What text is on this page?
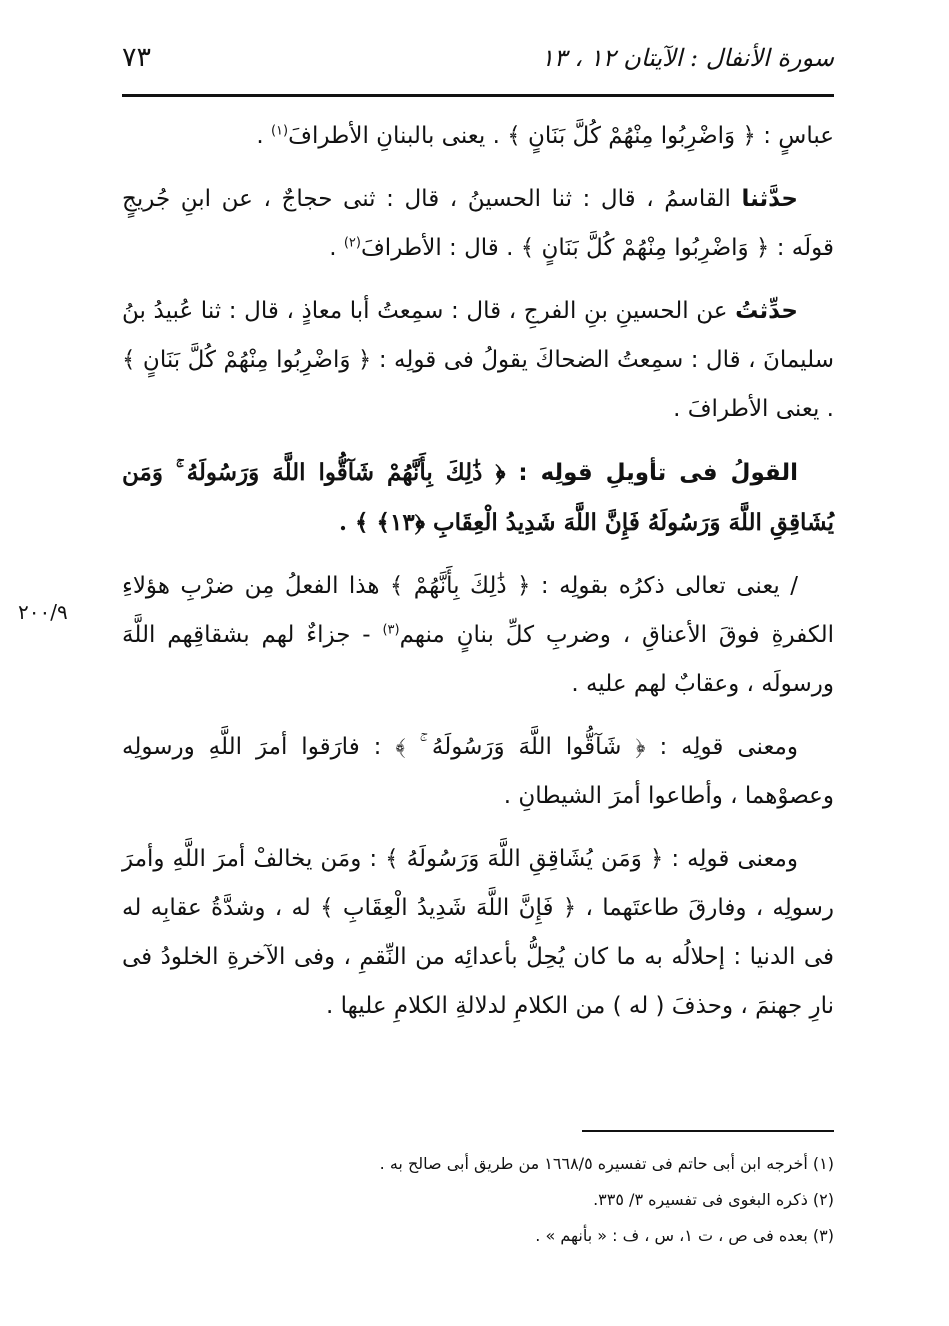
٧٣	سورة الأنفال : الآيتان ١٢ ، ١٣
٢٠٠/٩

عباسٍ : ﴿ وَاضْرِبُوا مِنْهُمْ كُلَّ بَنَانٍ ﴾ . يعنى بالبنانِ الأطرافَ$^{(١)}$ .

حدَّثنا القاسمُ ، قال : ثنا الحسينُ ، قال : ثنى حجاجٌ ، عن ابنِ جُريجٍ قولَه : ﴿ وَاضْرِبُوا مِنْهُمْ كُلَّ بَنَانٍ ﴾ . قال : الأطرافَ$^{(٢)}$ .

حدِّثتُ عن الحسينِ بنِ الفرجِ ، قال : سمِعتُ أبا معاذٍ ، قال : ثنا عُبيدُ بنُ سليمانَ ، قال : سمِعتُ الضحاكَ يقولُ فى قولِه : ﴿ وَاضْرِبُوا مِنْهُمْ كُلَّ بَنَانٍ ﴾ . يعنى الأطرافَ .

القولُ فى تأويلِ قولِه : ﴿ ذَٰلِكَ بِأَنَّهُمْ شَآقُّوا اللَّهَ وَرَسُولَهُ ۚ وَمَن يُشَاقِقِ اللَّهَ وَرَسُولَهُ فَإِنَّ اللَّهَ شَدِيدُ الْعِقَابِ ﴿١٣﴾ ﴾ .

/ يعنى تعالى ذكرُه بقولِه : ﴿ ذَٰلِكَ بِأَنَّهُمْ ﴾ هذا الفعلُ مِن ضرْبِ هؤلاءِ الكفرةِ فوقَ الأعناقِ ، وضربِ كلِّ بنانٍ منهم$^{(٣)}$ - جزاءٌ لهم بشقاقِهم اللَّهَ ورسولَه ، وعقابٌ لهم عليه .

ومعنى قولِه : ﴿ شَآقُّوا اللَّهَ وَرَسُولَهُ ۚ ﴾ : فارَقوا أمرَ اللَّهِ ورسولِه وعصوْهما ، وأطاعوا أمرَ الشيطانِ .

ومعنى قولِه : ﴿ وَمَن يُشَاقِقِ اللَّهَ وَرَسُولَهُ ﴾ : ومَن يخالفْ أمرَ اللَّهِ وأمرَ رسولِه ، وفارقَ طاعتَهما ، ﴿ فَإِنَّ اللَّهَ شَدِيدُ الْعِقَابِ ﴾ له ، وشدَّةُ عقابِه له فى الدنيا : إحلالُه به ما كان يُحِلُّ بأعدائِه من النِّقمِ ، وفى الآخرةِ الخلودُ فى نارِ جهنمَ ، وحذفَ ( له ) من الكلامِ لدلالةِ الكلامِ عليها .

(١) أخرجه ابن أبى حاتم فى تفسيره ١٦٦٨/٥ من طريق أبى صالح به .

(٢) ذكره البغوى فى تفسيره ٣/ ٣٣٥.

(٣) بعده فى ص ، ت ١، س ، ف : « بأنهم » .
